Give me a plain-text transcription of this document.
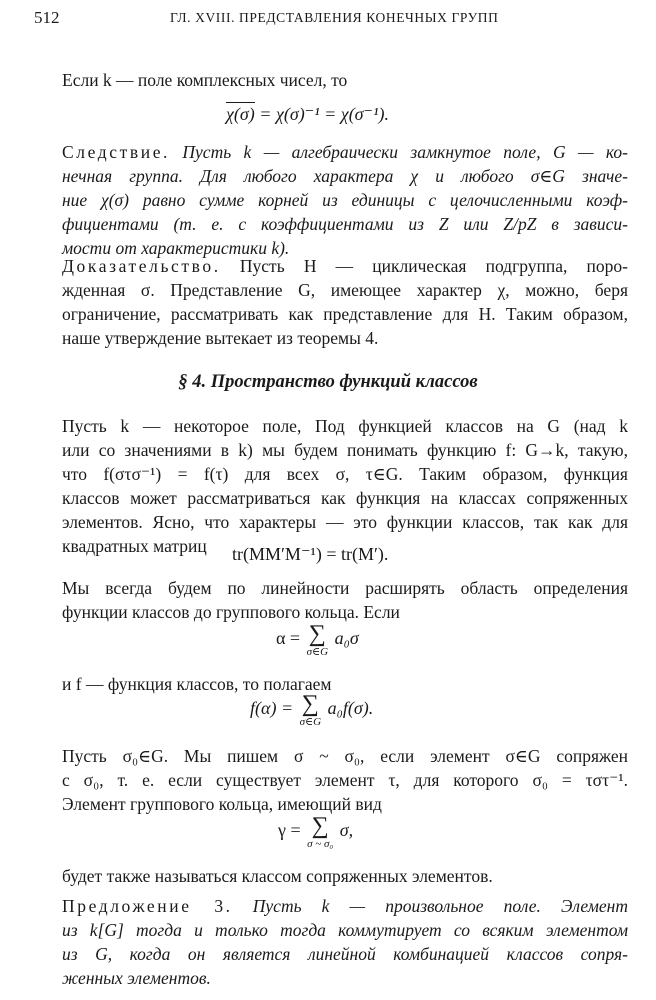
512	ГЛ. XVIII. ПРЕДСТАВЛЕНИЯ КОНЕЧНЫХ ГРУПП
Если k — поле комплексных чисел, то
χ(σ) = χ(σ)⁻¹ = χ(σ⁻¹).
Следствие. Пусть k — алгебраически замкнутое поле, G — ко-
нечная группа. Для любого характера χ и любого σ∈G значе-
ние χ(σ) равно сумме корней из единицы с целочисленными коэф-
фициентами (т. е. с коэффициентами из Z или Z/pZ в зависи-
мости от характеристики k).
Доказательство. Пусть H — циклическая подгруппа, поро-
жденная σ. Представление G, имеющее характер χ, можно, беря
ограничение, рассматривать как представление для H. Таким образом,
наше утверждение вытекает из теоремы 4.
§ 4. Пространство функций классов
Пусть k — некоторое поле, Под функцией классов на G (над k
или со значениями в k) мы будем понимать функцию f: G→k, такую,
что f(στσ⁻¹) = f(τ) для всех σ, τ∈G. Таким образом, функция
классов может рассматриваться как функция на классах сопряженных
элементов. Ясно, что характеры — это функции классов, так как для
квадратных матриц	tr(MM′M⁻¹) = tr(M′).
Мы всегда будем по линейности расширять область определения
функции классов до группового кольца. Если
α = ∑
σ∈G
a₀σ
и f — функция классов, то полагаем
f(α) = ∑
σ∈G
a₀f(σ).
Пусть σ₀∈G. Мы пишем σ ~ σ₀, если элемент σ∈G сопряжен
с σ₀, т. е. если существует элемент τ, для которого σ₀ = τστ⁻¹.
Элемент группового кольца, имеющий вид
γ = ∑
σ ~ σ₀
σ,
будет также называться классом сопряженных элементов.
Предложение 3. Пусть k — произвольное поле. Элемент
из k[G] тогда и только тогда коммутирует со всяким элементом
из G, когда он является линейной комбинацией классов сопря-
женных элементов.
